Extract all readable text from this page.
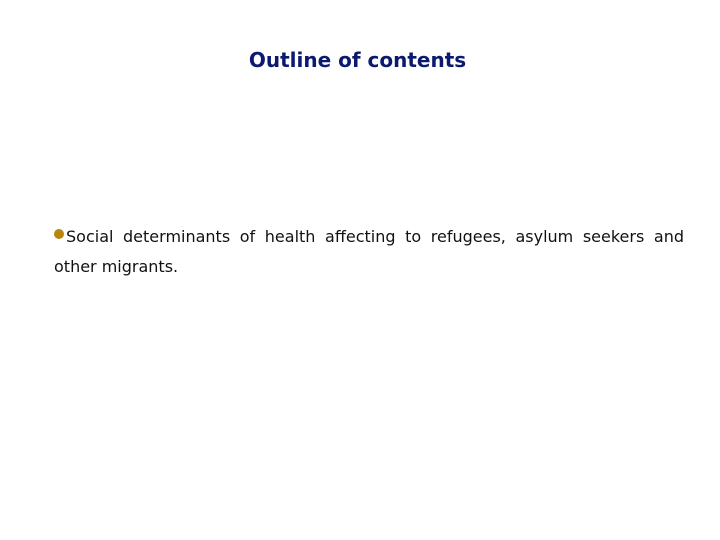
Outline of contents

Social determinants of health affecting to refugees, asylum seekers and other migrants.
